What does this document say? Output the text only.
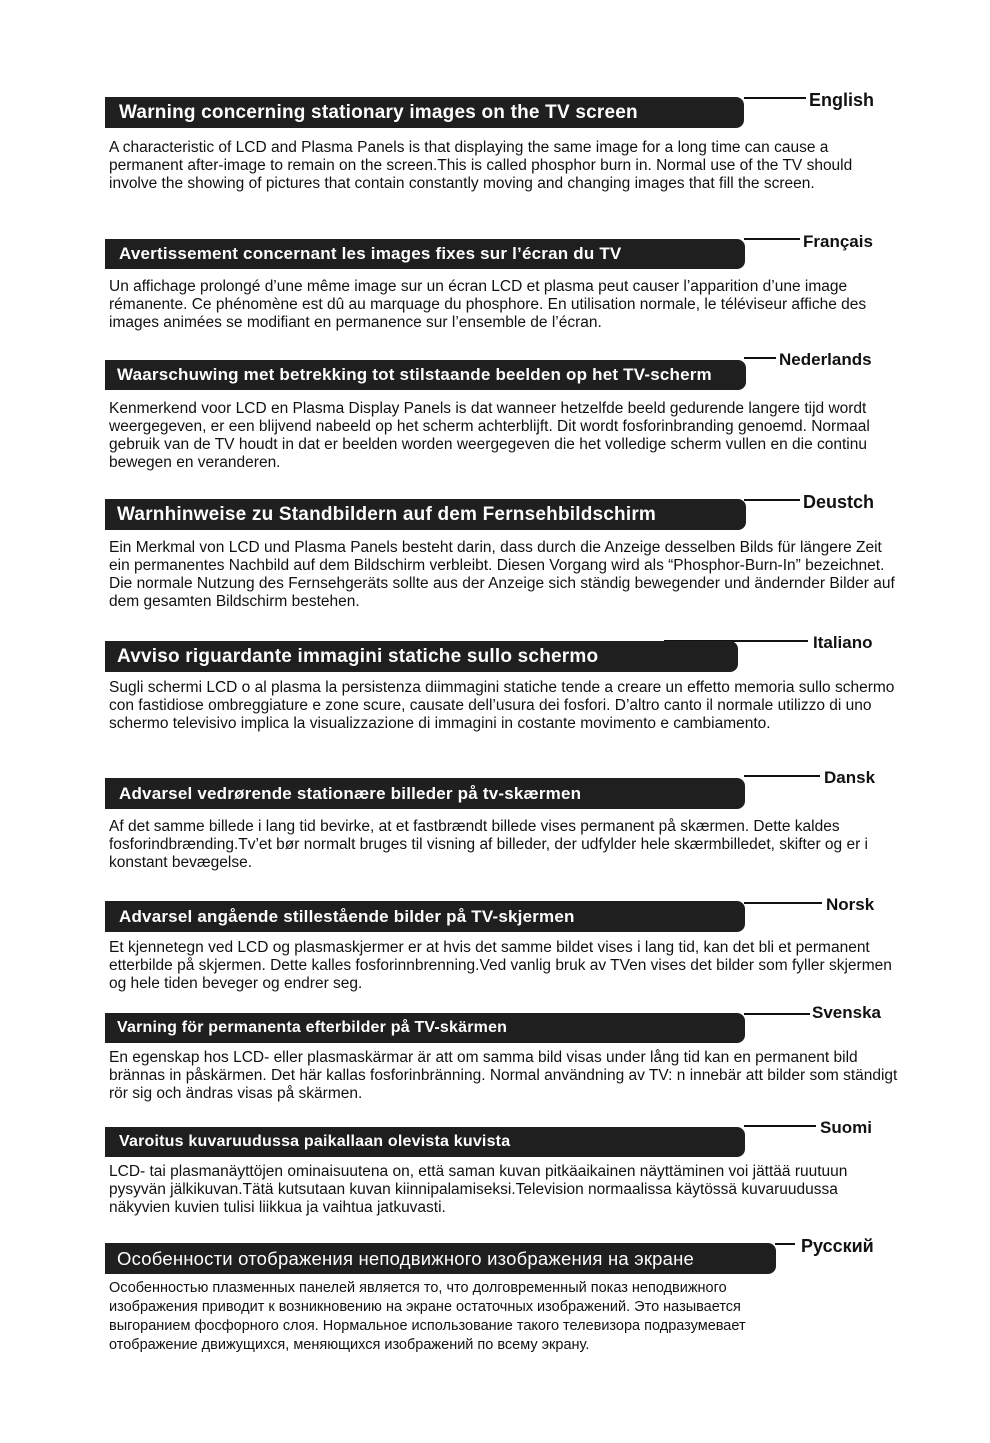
English
Warning concerning stationary images on the TV screen
A characteristic of LCD and Plasma Panels is that displaying the same image for a long time can cause a permanent after-image to remain on the screen.This is called phosphor burn in. Normal use of the TV should involve the showing of pictures that contain constantly moving and changing images that fill the screen.
Français
Avertissement concernant les images fixes sur l’écran du TV
Un affichage prolongé d’une même image sur un écran LCD et plasma peut causer l’apparition d’une image rémanente. Ce phénomène est dû au marquage du phosphore. En utilisation normale, le téléviseur affiche des images animées se modifiant en permanence sur l’ensemble de l’écran.
Nederlands
Waarschuwing met betrekking tot stilstaande beelden op het TV-scherm
Kenmerkend voor LCD en Plasma Display Panels is dat wanneer hetzelfde beeld gedurende langere tijd wordt weergegeven, er een blijvend nabeeld op het scherm achterblijft. Dit wordt fosforinbranding genoemd. Normaal gebruik van de TV houdt in dat er beelden worden weergegeven die het volledige scherm vullen en die continu bewegen en veranderen.
Deustch
Warnhinweise zu Standbildern auf dem Fernsehbildschirm
Ein Merkmal von LCD und Plasma Panels besteht darin, dass durch die Anzeige desselben Bilds für längere Zeit ein permanentes Nachbild auf dem Bildschirm verbleibt. Diesen Vorgang wird als “Phosphor-Burn-In” bezeichnet. Die normale Nutzung des Fernsehgeräts sollte aus der Anzeige sich ständig bewegender und ändernder Bilder auf dem gesamten Bildschirm bestehen.
Italiano
Avviso riguardante immagini statiche sullo schermo
Sugli schermi LCD o al plasma la persistenza diimmagini statiche tende a creare un effetto memoria sullo schermo con fastidiose ombreggiature e zone scure, causate dell’usura dei fosfori. D’altro canto il normale utilizzo di uno schermo televisivo implica la visualizzazione di immagini in costante movimento e cambiamento.
Dansk
Advarsel vedrørende stationære billeder på tv-skærmen
Af det samme billede i lang tid bevirke, at et fastbrændt billede vises permanent på skærmen. Dette kaldes fosforindbrænding.Tv’et bør normalt bruges til visning af billeder, der udfylder hele skærmbilledet, skifter og er i konstant bevægelse.
Norsk
Advarsel angående stillestående bilder på TV-skjermen
Et kjennetegn ved LCD og plasmaskjermer er at hvis det samme bildet vises i lang tid, kan det bli et permanent etterbilde på skjermen. Dette kalles fosforinnbrenning.Ved vanlig bruk av TVen vises det bilder som fyller skjermen og hele tiden beveger og endrer seg.
Svenska
Varning för permanenta efterbilder på TV-skärmen
En egenskap hos LCD- eller plasmaskärmar är att om samma bild visas under lång tid kan en permanent bild brännas in påskärmen. Det här kallas fosforinbränning. Normal användning av TV: n innebär att bilder som ständigt rör sig och ändras visas på skärmen.
Suomi
Varoitus kuvaruudussa paikallaan olevista kuvista
LCD- tai plasmanäyttöjen ominaisuutena on, että saman kuvan pitkäaikainen näyttäminen voi jättää ruutuun pysyvän jälkikuvan.Tätä kutsutaan kuvan kiinnipalamiseksi.Television normaalissa käytössä kuvaruudussa näkyvien kuvien tulisi liikkua ja vaihtua jatkuvasti.
Русский
Особенности отображения неподвижного изображения на экране
Особенностью плазменных панелей является то, что долговременный показ неподвижного изображения приводит к возникновению на экране остаточных изображений. Это называется выгоранием фосфорного слоя. Нормальное использование такого телевизора подразумевает отображение движущихся, меняющихся изображений по всему экрану.
